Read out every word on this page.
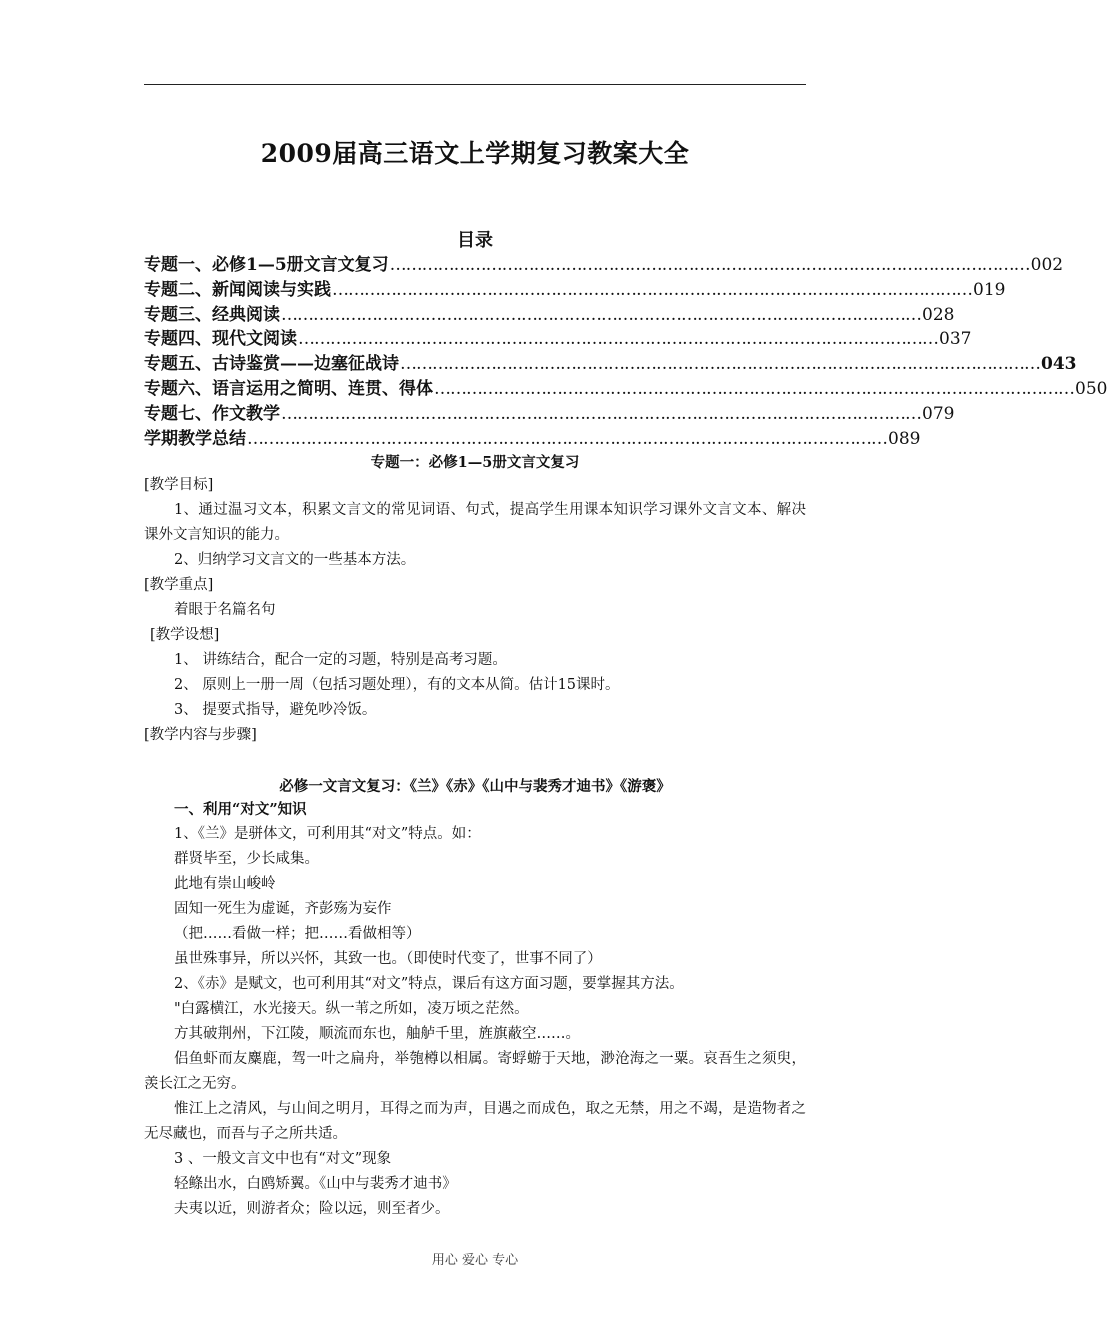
2009届高三语文上学期复习教案大全
目录
专题一、必修1—5册文言文复习 ………………………………………………………………………………………………………… 002
专题二、新闻阅读与实践 ………………………………………………………………………………………………………… 019
专题三、经典阅读 ………………………………………………………………………………………………………… 028
专题四、现代文阅读 ………………………………………………………………………………………………………… 037
专题五、古诗鉴赏——边塞征战诗 ………………………………………………………………………………………………………… 043
专题六、语言运用之简明、连贯、得体 ………………………………………………………………………………………………………… 050
专题七、作文教学 ………………………………………………………………………………………………………… 079
学期教学总结 ………………………………………………………………………………………………………… 089
专题一：必修1—5册文言文复习
[教学目标]
1、通过温习文本，积累文言文的常见词语、句式，提高学生用课本知识学习课外文言文本、解决课外文言知识的能力。
2、归纳学习文言文的一些基本方法。
[教学重点]
着眼于名篇名句
[教学设想]
1、 讲练结合，配合一定的习题，特别是高考习题。
2、 原则上一册一周（包括习题处理），有的文本从简。估计15课时。
3、 提要式指导，避免吵冷饭。
[教学内容与步骤]
必修一文言文复习：《兰》《赤》《山中与裴秀才迪书》《游褒》
一、利用“对文”知识
1、《兰》是骈体文，可利用其“对文”特点。如：
群贤毕至，少长咸集。
此地有崇山峻岭
固知一死生为虚诞，齐彭殇为妄作
（把……看做一样；把……看做相等）
虽世殊事异，所以兴怀，其致一也。（即使时代变了，世事不同了）
2、《赤》是赋文，也可利用其“对文”特点，课后有这方面习题，要掌握其方法。
"白露横江，水光接天。纵一苇之所如，凌万顷之茫然。
方其破荆州，下江陵，顺流而东也，舳舻千里，旌旗蔽空……。
侣鱼虾而友麋鹿，驾一叶之扁舟，举匏樽以相属。寄蜉蝣于天地，渺沧海之一粟。哀吾生之须臾，羡长江之无穷。
惟江上之清风，与山间之明月，耳得之而为声，目遇之而成色，取之无禁，用之不竭，是造物者之无尽藏也，而吾与子之所共适。
3 、一般文言文中也有“对文”现象
轻鲦出水，白鸥矫翼。《山中与裴秀才迪书》
夫夷以近，则游者众；险以远，则至者少。
用心 爱心 专心
